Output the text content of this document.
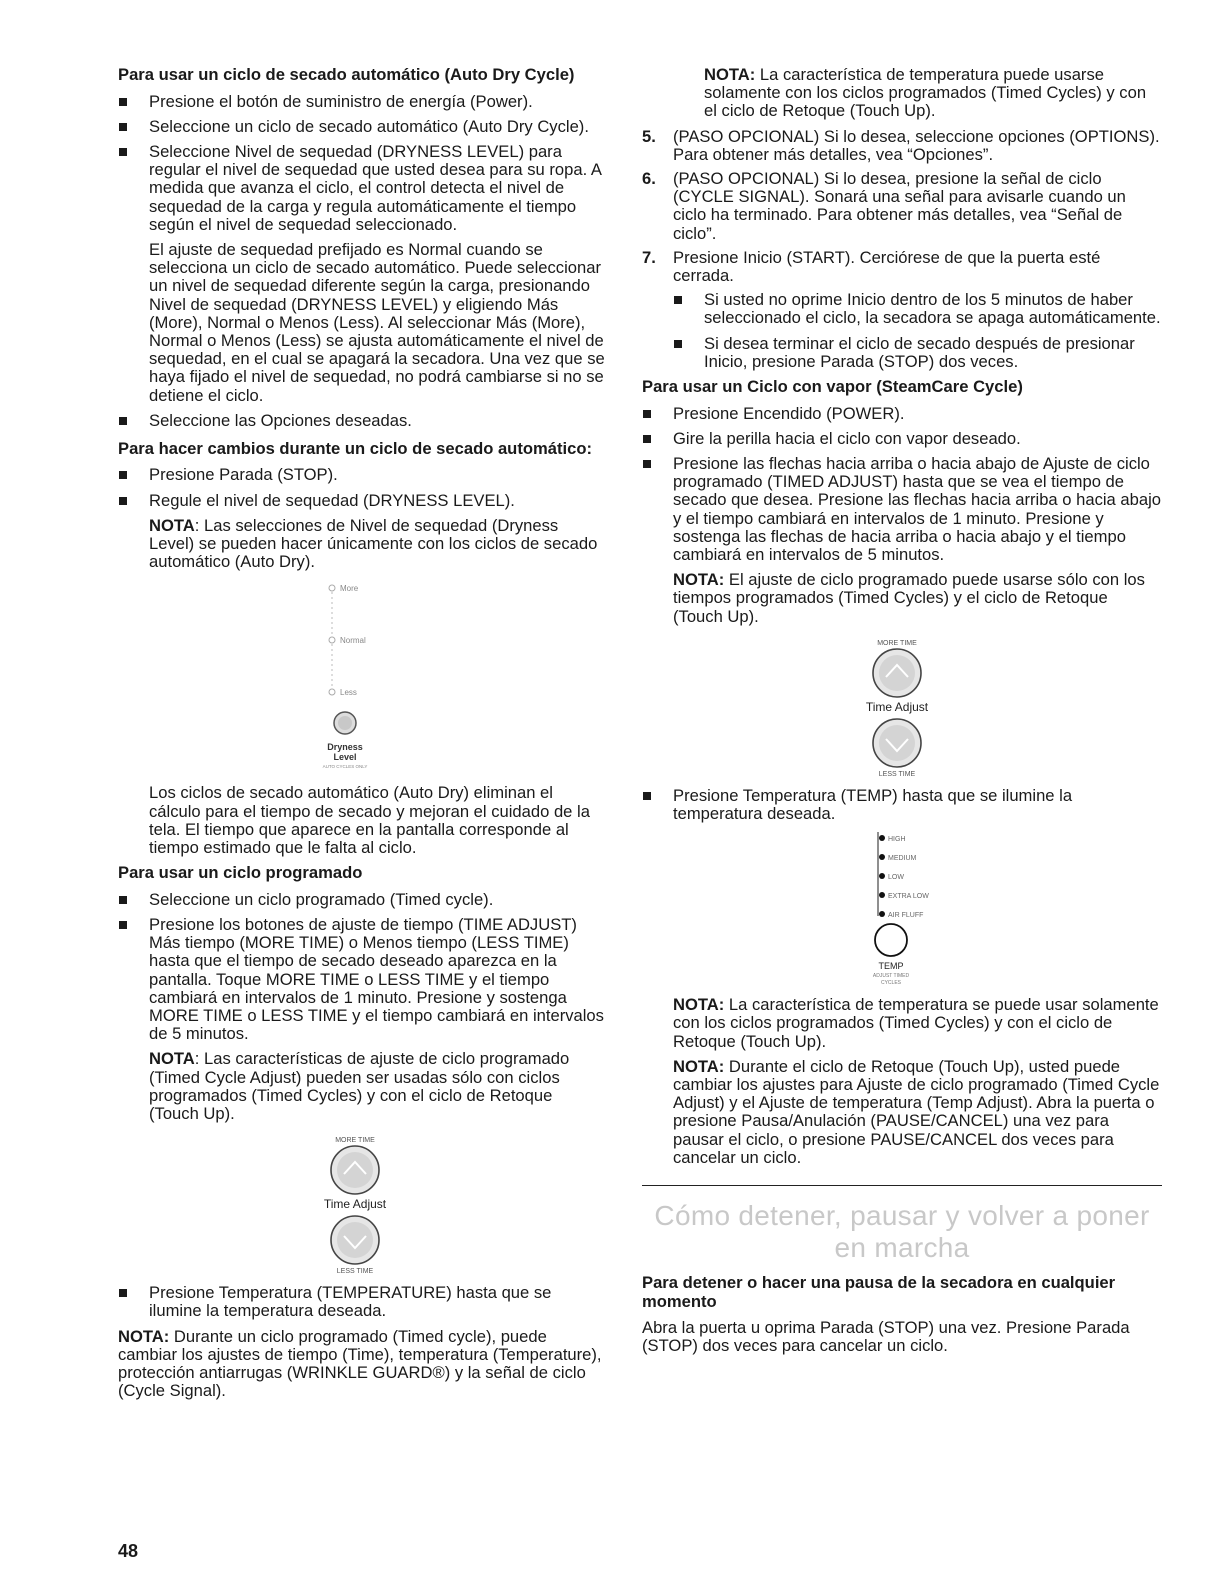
Para usar un ciclo de secado automático (Auto Dry Cycle)
Presione el botón de suministro de energía (Power).
Seleccione un ciclo de secado automático (Auto Dry Cycle).
Seleccione Nivel de sequedad (DRYNESS LEVEL) para regular el nivel de sequedad que usted desea para su ropa. A medida que avanza el ciclo, el control detecta el nivel de sequedad de la carga y regula automáticamente el tiempo según el nivel de sequedad seleccionado.
El ajuste de sequedad prefijado es Normal cuando se selecciona un ciclo de secado automático. Puede seleccionar un nivel de sequedad diferente según la carga, presionando Nivel de sequedad (DRYNESS LEVEL) y eligiendo Más (More), Normal o Menos (Less). Al seleccionar Más (More), Normal o Menos (Less) se ajusta automáticamente el nivel de sequedad, en el cual se apagará la secadora. Una vez que se haya fijado el nivel de sequedad, no podrá cambiarse si no se detiene el ciclo.
Seleccione las Opciones deseadas.
Para hacer cambios durante un ciclo de secado automático:
Presione Parada (STOP).
Regule el nivel de sequedad (DRYNESS LEVEL).
NOTA: Las selecciones de Nivel de sequedad (Dryness Level) se pueden hacer únicamente con los ciclos de secado automático (Auto Dry).
More
Normal
Less
Dryness
Level
AUTO CYCLES ONLY
Los ciclos de secado automático (Auto Dry) eliminan el cálculo para el tiempo de secado y mejoran el cuidado de la tela. El tiempo que aparece en la pantalla corresponde al tiempo estimado que le falta al ciclo.
Para usar un ciclo programado
Seleccione un ciclo programado (Timed cycle).
Presione los botones de ajuste de tiempo (TIME ADJUST) Más tiempo (MORE TIME) o Menos tiempo (LESS TIME) hasta que el tiempo de secado deseado aparezca en la pantalla. Toque MORE TIME o LESS TIME y el tiempo cambiará en intervalos de 1 minuto. Presione y sostenga MORE TIME o LESS TIME y el tiempo cambiará en intervalos de 5 minutos.
NOTA: Las características de ajuste de ciclo programado (Timed Cycle Adjust) pueden ser usadas sólo con ciclos programados (Timed Cycles) y con el ciclo de Retoque (Touch Up).
MORE TIME
Time Adjust
LESS TIME
Presione Temperatura (TEMPERATURE) hasta que se ilumine la temperatura deseada.
NOTA: Durante un ciclo programado (Timed cycle), puede cambiar los ajustes de tiempo (Time), temperatura (Temperature), protección antiarrugas (WRINKLE GUARD®) y la señal de ciclo (Cycle Signal).
NOTA: La característica de temperatura puede usarse solamente con los ciclos programados (Timed Cycles) y con el ciclo de Retoque (Touch Up).
5. (PASO OPCIONAL) Si lo desea, seleccione opciones (OPTIONS). Para obtener más detalles, vea “Opciones”.
6. (PASO OPCIONAL) Si lo desea, presione la señal de ciclo (CYCLE SIGNAL). Sonará una señal para avisarle cuando un ciclo ha terminado. Para obtener más detalles, vea “Señal de ciclo”.
7. Presione Inicio (START). Cerciórese de que la puerta esté cerrada.
Si usted no oprime Inicio dentro de los 5 minutos de haber seleccionado el ciclo, la secadora se apaga automáticamente.
Si desea terminar el ciclo de secado después de presionar Inicio, presione Parada (STOP) dos veces.
Para usar un Ciclo con vapor (SteamCare Cycle)
Presione Encendido (POWER).
Gire la perilla hacia el ciclo con vapor deseado.
Presione las flechas hacia arriba o hacia abajo de Ajuste de ciclo programado (TIMED ADJUST) hasta que se vea el tiempo de secado que desea. Presione las flechas hacia arriba o hacia abajo y el tiempo cambiará en intervalos de 1 minuto. Presione y sostenga las flechas de hacia arriba o hacia abajo y el tiempo cambiará en intervalos de 5 minutos.
NOTA: El ajuste de ciclo programado puede usarse sólo con los tiempos programados (Timed Cycles) y el ciclo de Retoque (Touch Up).
MORE TIME
Time Adjust
LESS TIME
Presione Temperatura (TEMP) hasta que se ilumine la temperatura deseada.
HIGH
MEDIUM
LOW
EXTRA LOW
AIR FLUFF
TEMP
ADJUST TIMED
CYCLES
NOTA: La característica de temperatura se puede usar solamente con los ciclos programados (Timed Cycles) y con el ciclo de Retoque (Touch Up).
NOTA: Durante el ciclo de Retoque (Touch Up), usted puede cambiar los ajustes para Ajuste de ciclo programado (Timed Cycle Adjust) y el Ajuste de temperatura (Temp Adjust). Abra la puerta o presione Pausa/Anulación (PAUSE/CANCEL) una vez para pausar el ciclo, o presione PAUSE/CANCEL dos veces para cancelar un ciclo.
Cómo detener, pausar y volver a poner en marcha
Para detener o hacer una pausa de la secadora en cualquier momento
Abra la puerta u oprima Parada (STOP) una vez. Presione Parada (STOP) dos veces para cancelar un ciclo.
48
